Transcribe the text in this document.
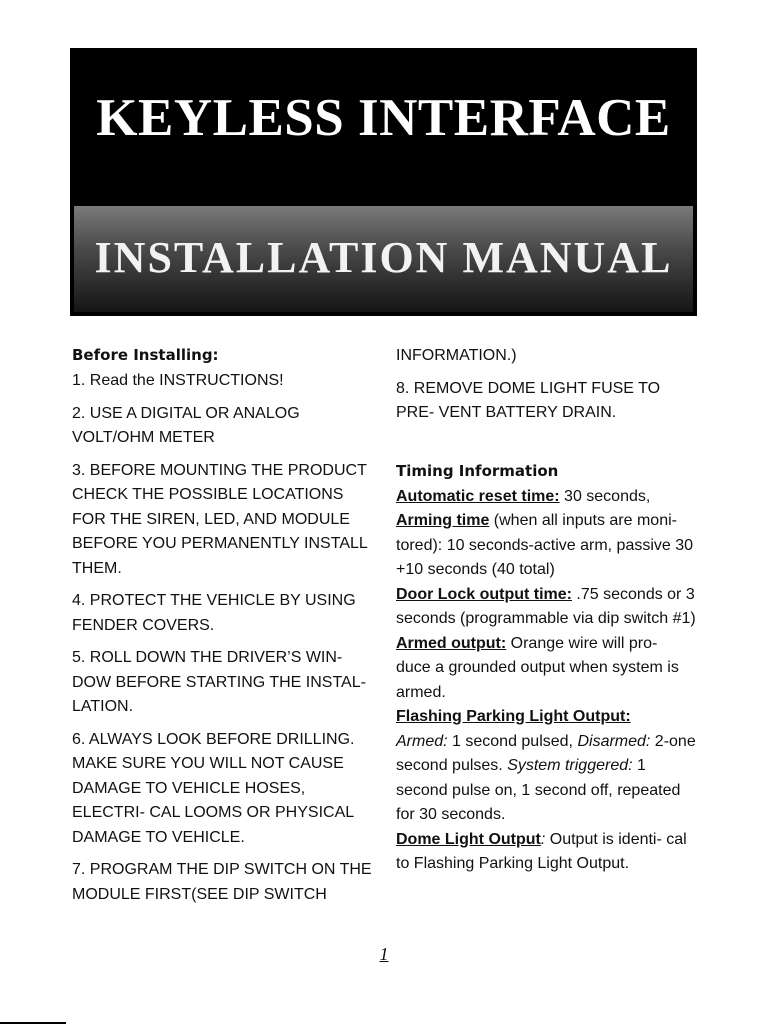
KEYLESS INTERFACE
INSTALLATION MANUAL
Before Installing:
1. Read the INSTRUCTIONS!
2. USE A DIGITAL OR ANALOG VOLT/OHM METER
3. BEFORE MOUNTING THE PRODUCT CHECK THE POSSIBLE LOCATIONS FOR THE SIREN, LED, AND MODULE BEFORE YOU PERMANENTLY INSTALL THEM.
4. PROTECT THE VEHICLE BY USING FENDER COVERS.
5. ROLL DOWN THE DRIVER’S WIN- DOW BEFORE STARTING THE INSTAL- LATION.
6. ALWAYS LOOK BEFORE DRILLING. MAKE SURE YOU WILL NOT CAUSE DAMAGE TO VEHICLE HOSES, ELECTRI- CAL LOOMS OR PHYSICAL DAMAGE TO VEHICLE.
7. PROGRAM THE DIP SWITCH ON THE MODULE FIRST(SEE DIP SWITCH
INFORMATION.)
8. REMOVE DOME LIGHT FUSE TO PRE- VENT BATTERY DRAIN.
Timing Information

Automatic reset time: 30 seconds,

Arming time (when all inputs are moni- tored): 10 seconds-active arm, passive 30 +10 seconds (40 total)

Door Lock output time: .75 seconds or 3 seconds (programmable via dip switch #1)

Armed output: Orange wire will pro- duce a grounded output when system is armed.

Flashing Parking Light Output:

Armed: 1 second pulsed, Disarmed: 2-one second pulses. System triggered: 1 second pulse on, 1 second off, repeated for 30 seconds.

Dome Light Output: Output is identi- cal to Flashing Parking Light Output.

1
